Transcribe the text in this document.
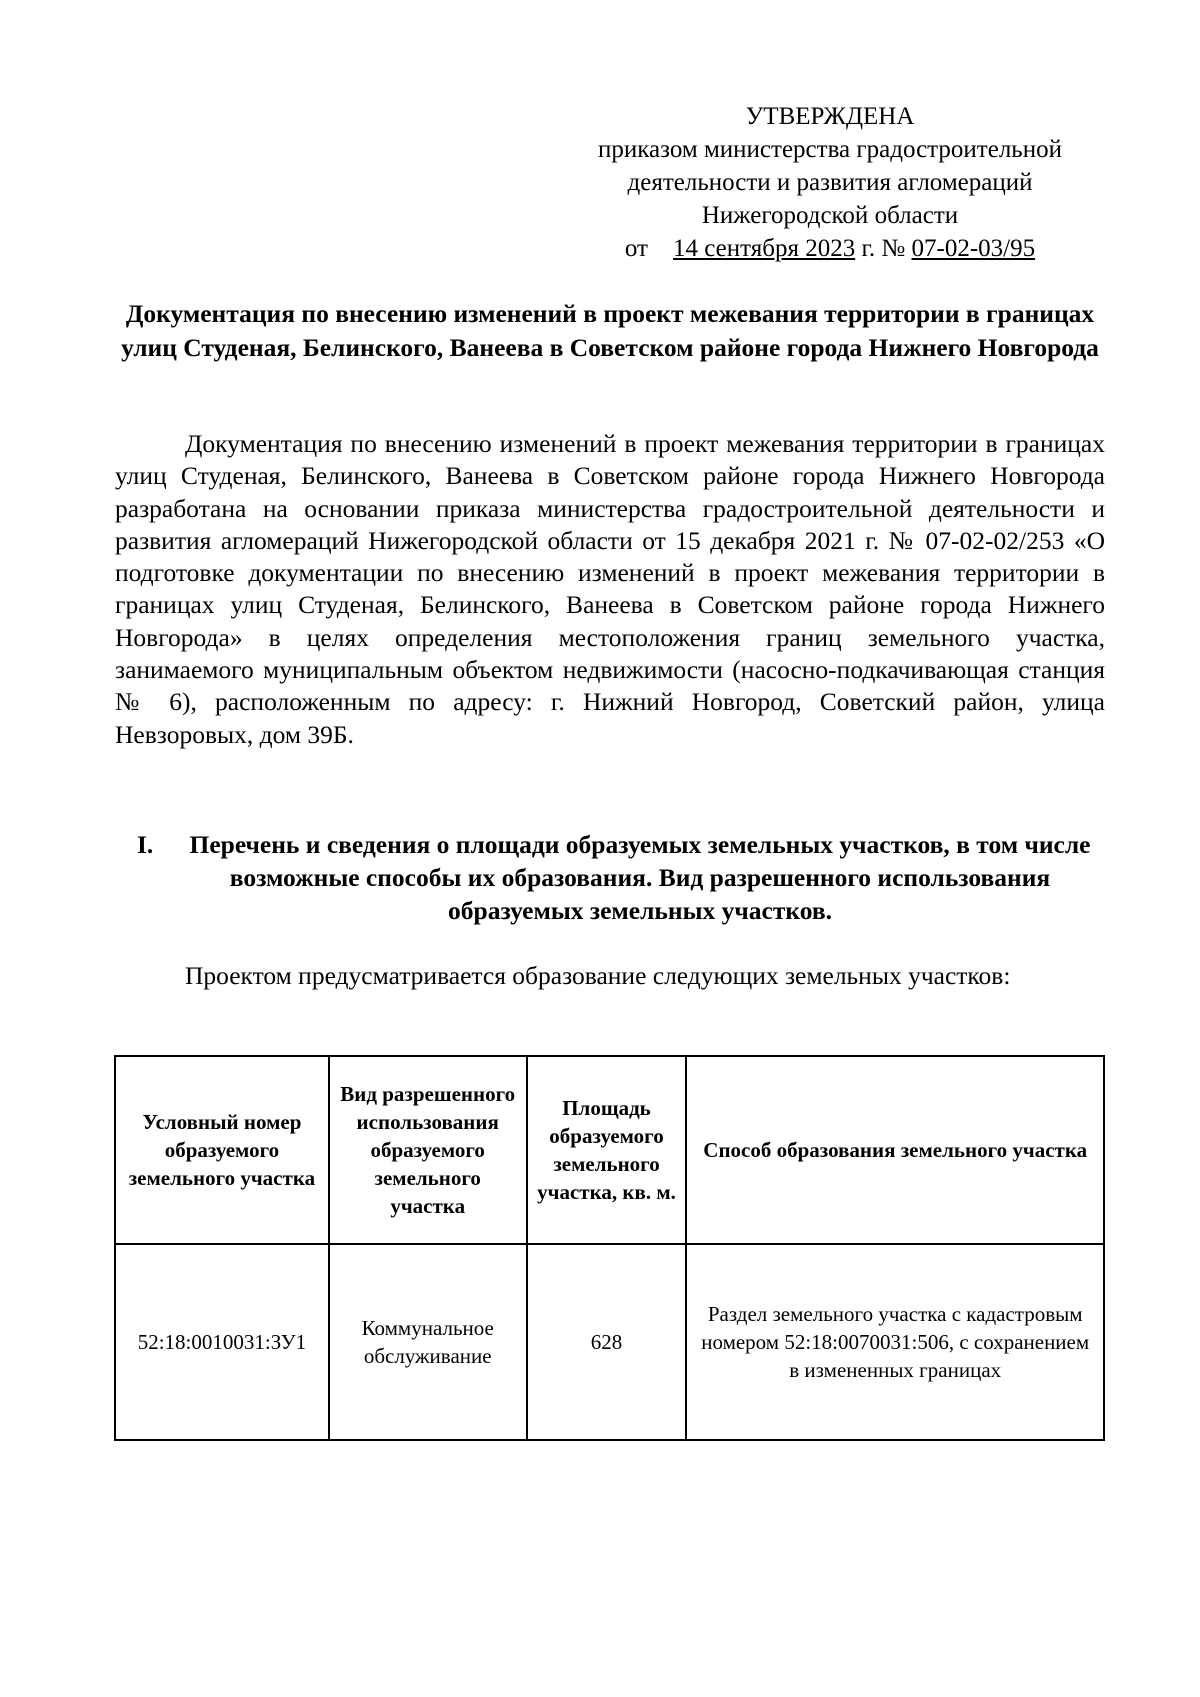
УТВЕРЖДЕНА
приказом министерства градостроительной
деятельности и развития агломераций
Нижегородской области
от 14 сентября 2023 г. № 07-02-03/95
Документация по внесению изменений в проект межевания территории в границах улиц Студеная, Белинского, Ванеева в Советском районе города Нижнего Новгорода
Документация по внесению изменений в проект межевания территории в границах улиц Студеная, Белинского, Ванеева в Советском районе города Нижнего Новгорода разработана на основании приказа министерства градостроительной деятельности и развития агломераций Нижегородской области от 15 декабря 2021 г. № 07-02-02/253 «О подготовке документации по внесению изменений в проект межевания территории в границах улиц Студеная, Белинского, Ванеева в Советском районе города Нижнего Новгорода» в целях определения местоположения границ земельного участка, занимаемого муниципальным объектом недвижимости (насосно-подкачивающая станция № 6), расположенным по адресу: г. Нижний Новгород, Советский район, улица Невзоровых, дом 39Б.
I.	Перечень и сведения о площади образуемых земельных участков, в том числе возможные способы их образования. Вид разрешенного использования образуемых земельных участков.
Проектом предусматривается образование следующих земельных участков:
Условный номер образуемого земельного участка	Вид разрешенного использования образуемого земельного участка	Площадь образуемого земельного участка, кв. м.	Способ образования земельного участка
52:18:0010031:ЗУ1	Коммунальное обслуживание	628	Раздел земельного участка с кадастровым номером 52:18:0070031:506, с сохранением в измененных границах
